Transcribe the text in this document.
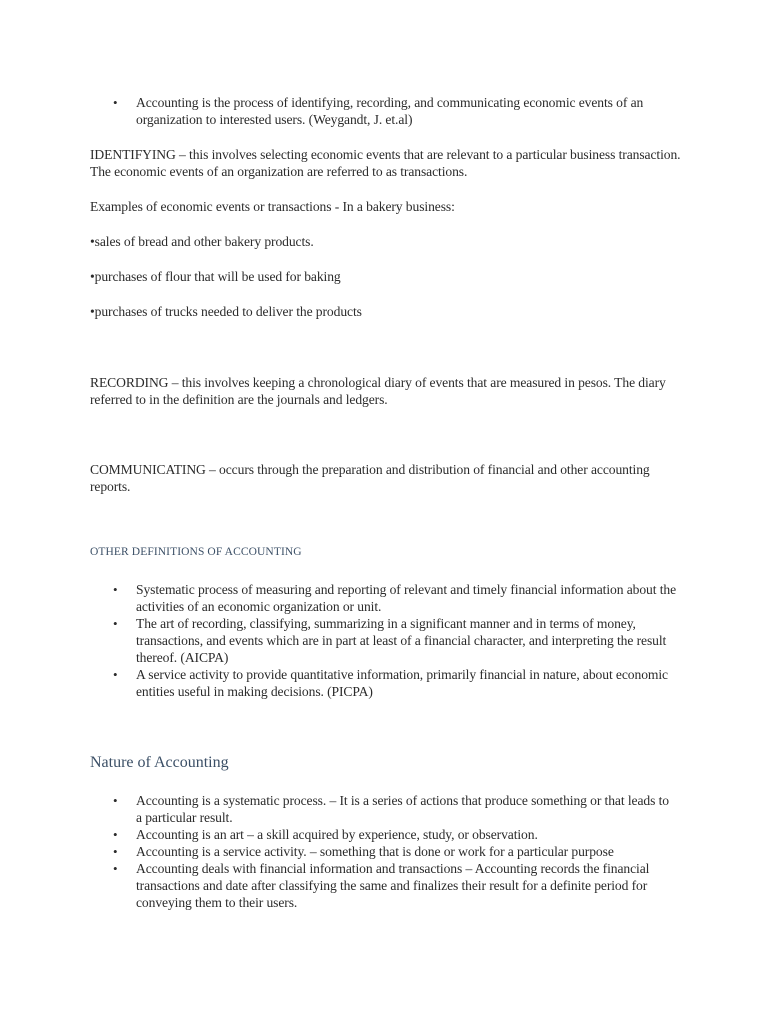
• Accounting is the process of identifying, recording, and communicating economic events of an organization to interested users. (Weygandt, J. et.al)
IDENTIFYING – this involves selecting economic events that are relevant to a particular business transaction. The economic events of an organization are referred to as transactions.
Examples of economic events or transactions - In a bakery business:
•sales of bread and other bakery products.
•purchases of flour that will be used for baking
•purchases of trucks needed to deliver the products
RECORDING – this involves keeping a chronological diary of events that are measured in pesos. The diary referred to in the definition are the journals and ledgers.
COMMUNICATING – occurs through the preparation and distribution of financial and other accounting reports.
OTHER DEFINITIONS OF ACCOUNTING
• Systematic process of measuring and reporting of relevant and timely financial information about the activities of an economic organization or unit.
• The art of recording, classifying, summarizing in a significant manner and in terms of money, transactions, and events which are in part at least of a financial character, and interpreting the result thereof. (AICPA)
• A service activity to provide quantitative information, primarily financial in nature, about economic entities useful in making decisions. (PICPA)
Nature of Accounting
• Accounting is a systematic process. – It is a series of actions that produce something or that leads to a particular result.
• Accounting is an art – a skill acquired by experience, study, or observation.
• Accounting is a service activity. – something that is done or work for a particular purpose
• Accounting deals with financial information and transactions – Accounting records the financial transactions and date after classifying the same and finalizes their result for a definite period for conveying them to their users.
